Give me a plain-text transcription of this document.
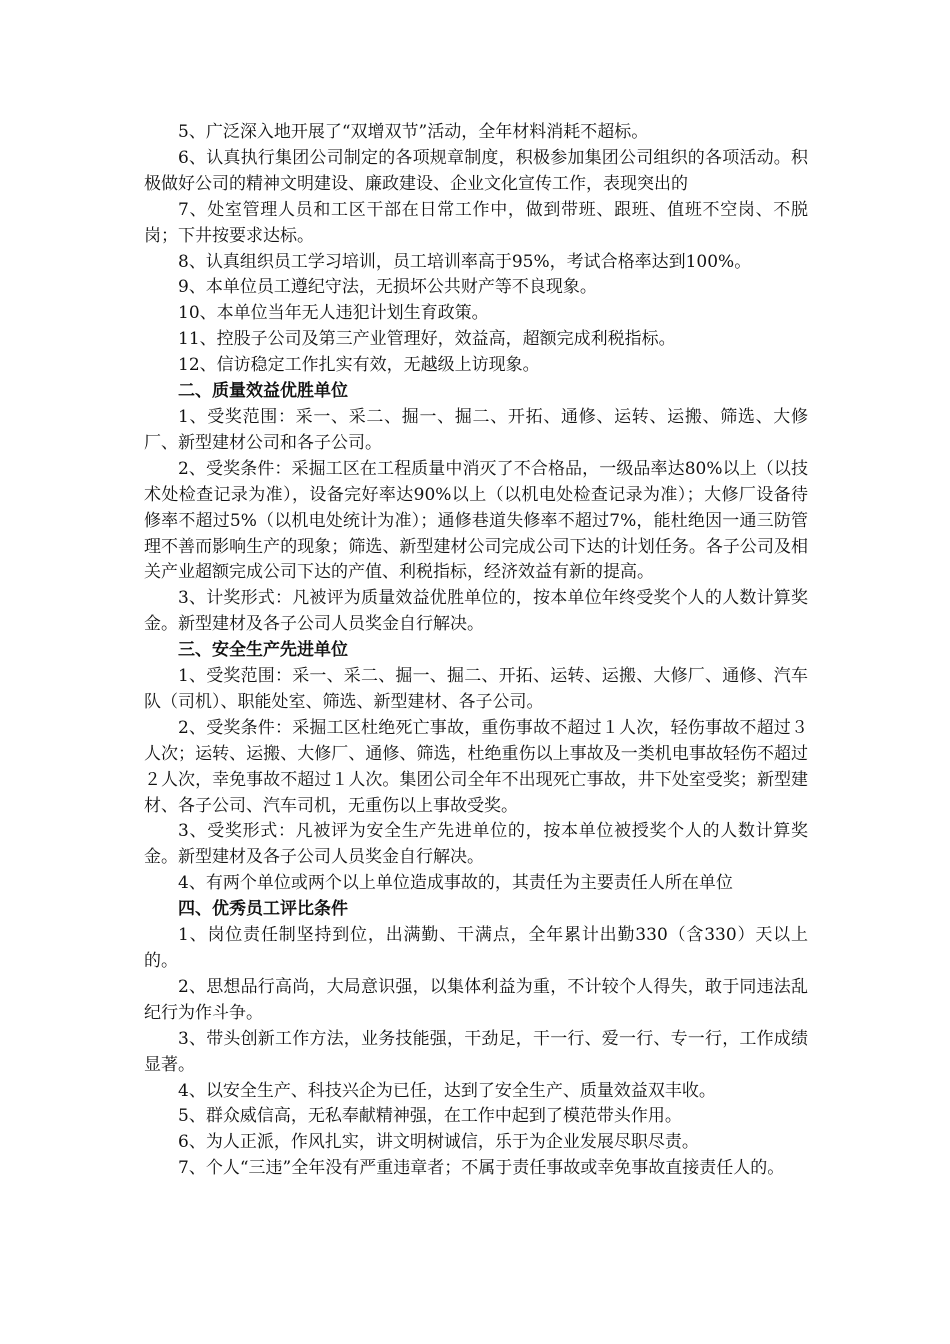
5、广泛深入地开展了“双增双节”活动，全年材料消耗不超标。

6、认真执行集团公司制定的各项规章制度，积极参加集团公司组织的各项活动。积极做好公司的精神文明建设、廉政建设、企业文化宣传工作，表现突出的

7、处室管理人员和工区干部在日常工作中，做到带班、跟班、值班不空岗、不脱岗；下井按要求达标。

8、认真组织员工学习培训，员工培训率高于95%，考试合格率达到100%。

9、本单位员工遵纪守法，无损坏公共财产等不良现象。

10、本单位当年无人违犯计划生育政策。

11、控股子公司及第三产业管理好，效益高，超额完成利税指标。

12、信访稳定工作扎实有效，无越级上访现象。

二、质量效益优胜单位

1、受奖范围：采一、采二、掘一、掘二、开拓、通修、运转、运搬、筛选、大修厂、新型建材公司和各子公司。

2、受奖条件：采掘工区在工程质量中消灭了不合格品，一级品率达80%以上（以技术处检查记录为准），设备完好率达90%以上（以机电处检查记录为准）；大修厂设备待修率不超过5%（以机电处统计为准）；通修巷道失修率不超过7%，能杜绝因一通三防管理不善而影响生产的现象；筛选、新型建材公司完成公司下达的计划任务。各子公司及相关产业超额完成公司下达的产值、利税指标，经济效益有新的提高。

3、计奖形式：凡被评为质量效益优胜单位的，按本单位年终受奖个人的人数计算奖金。新型建材及各子公司人员奖金自行解决。

三、安全生产先进单位

1、受奖范围：采一、采二、掘一、掘二、开拓、运转、运搬、大修厂、通修、汽车队（司机）、职能处室、筛选、新型建材、各子公司。

2、受奖条件：采掘工区杜绝死亡事故，重伤事故不超过１人次，轻伤事故不超过３人次；运转、运搬、大修厂、通修、筛选，杜绝重伤以上事故及一类机电事故轻伤不超过２人次，幸免事故不超过１人次。集团公司全年不出现死亡事故，井下处室受奖；新型建材、各子公司、汽车司机，无重伤以上事故受奖。

3、受奖形式：凡被评为安全生产先进单位的，按本单位被授奖个人的人数计算奖金。新型建材及各子公司人员奖金自行解决。

4、有两个单位或两个以上单位造成事故的，其责任为主要责任人所在单位

四、优秀员工评比条件

1、岗位责任制坚持到位，出满勤、干满点，全年累计出勤330（含330）天以上的。

2、思想品行高尚，大局意识强，以集体利益为重，不计较个人得失，敢于同违法乱纪行为作斗争。

3、带头创新工作方法，业务技能强，干劲足，干一行、爱一行、专一行，工作成绩显著。

4、以安全生产、科技兴企为已任，达到了安全生产、质量效益双丰收。

5、群众威信高，无私奉献精神强，在工作中起到了模范带头作用。

6、为人正派，作风扎实，讲文明树诚信，乐于为企业发展尽职尽责。

7、个人“三违”全年没有严重违章者；不属于责任事故或幸免事故直接责任人的。
